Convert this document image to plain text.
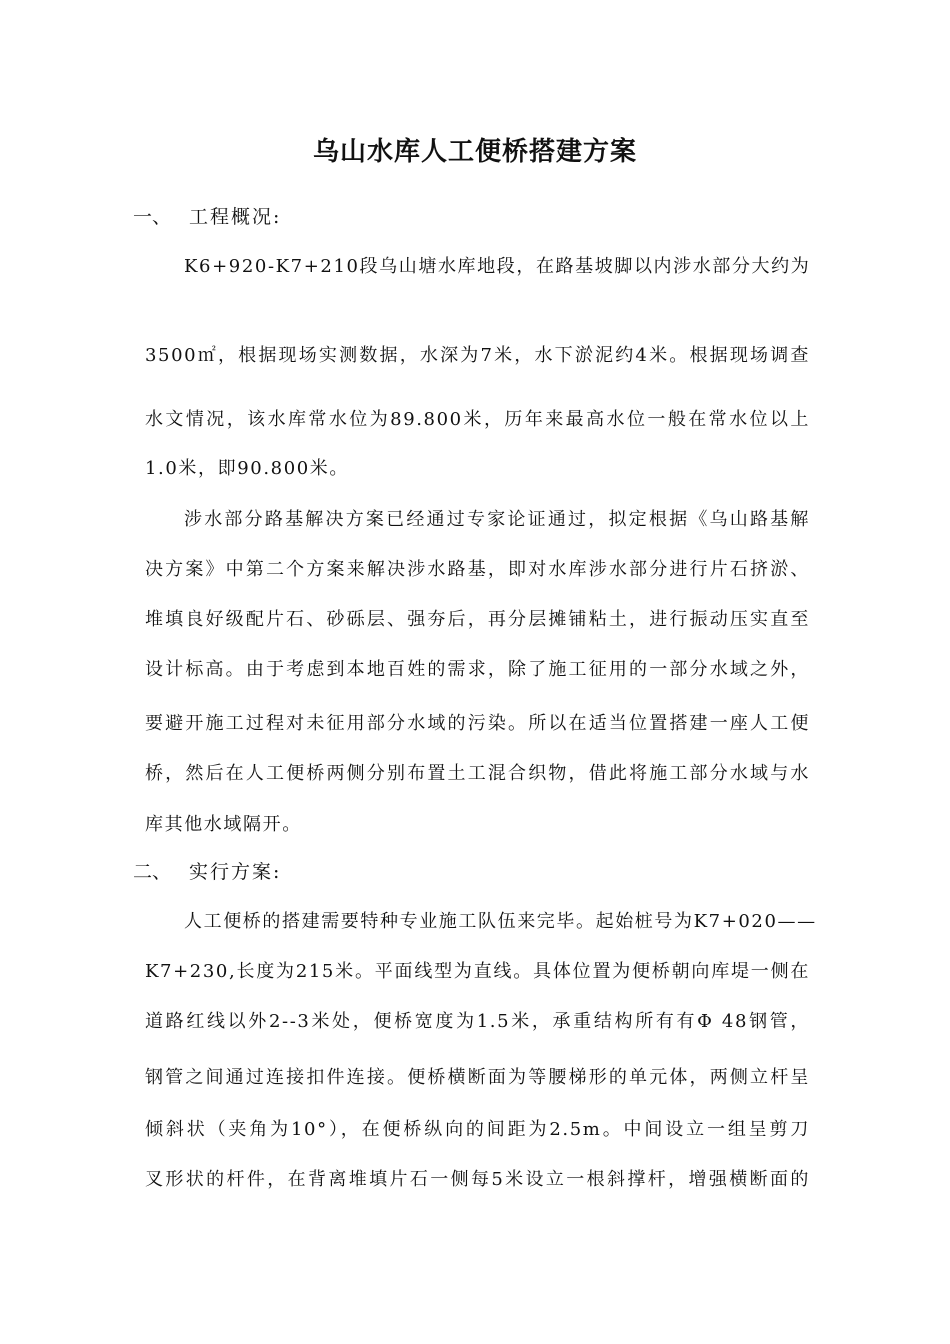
乌山水库人工便桥搭建方案
一、 工程概况:
K6+920-K7+210段乌山塘水库地段，在路基坡脚以内涉水部分大约为
3500㎡，根据现场实测数据，水深为7米，水下淤泥约4米。根据现场调查
水文情况，该水库常水位为89.800米，历年来最高水位一般在常水位以上
1.0米，即90.800米。
涉水部分路基解决方案已经通过专家论证通过，拟定根据《乌山路基解
决方案》中第二个方案来解决涉水路基，即对水库涉水部分进行片石挤淤、
堆填良好级配片石、砂砾层、强夯后，再分层摊铺粘土，进行振动压实直至
设计标高。由于考虑到本地百姓的需求，除了施工征用的一部分水域之外，
要避开施工过程对未征用部分水域的污染。所以在适当位置搭建一座人工便
桥，然后在人工便桥两侧分别布置土工混合织物，借此将施工部分水域与水
库其他水域隔开。
二、 实行方案:
人工便桥的搭建需要特种专业施工队伍来完毕。起始桩号为K7+020——
K7+230,长度为215米。平面线型为直线。具体位置为便桥朝向库堤一侧在
道路红线以外2--3米处，便桥宽度为1.5米，承重结构所有有Φ 48钢管，
钢管之间通过连接扣件连接。便桥横断面为等腰梯形的单元体，两侧立杆呈
倾斜状（夹角为10°），在便桥纵向的间距为2.5m。中间设立一组呈剪刀
叉形状的杆件，在背离堆填片石一侧每5米设立一根斜撑杆，增强横断面的
